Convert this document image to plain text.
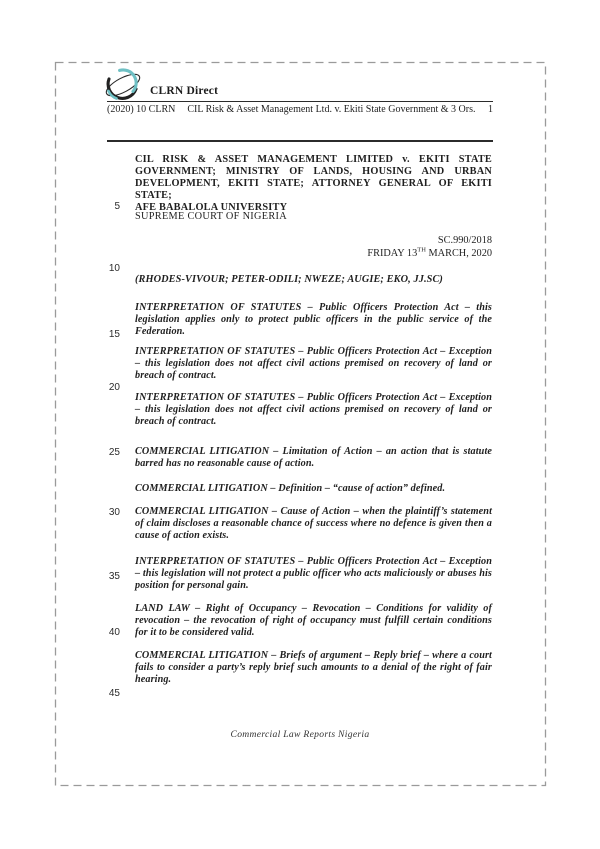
CLRN Direct
(2020) 10 CLRN CIL Risk & Asset Management Ltd. v. Ekiti State Government & 3 Ors. 1
CIL RISK & ASSET MANAGEMENT LIMITED v. EKITI STATE
GOVERNMENT; MINISTRY OF LANDS, HOUSING AND URBAN
DEVELOPMENT, EKITI STATE; ATTORNEY GENERAL OF EKITI STATE;
AFE BABALOLA UNIVERSITY
SUPREME COURT OF NIGERIA
SC.990/2018
FRIDAY 13TH MARCH, 2020
(RHODES-VIVOUR; PETER-ODILI; NWEZE; AUGIE; EKO, JJ.SC)
5
10
15
20
25
30
35
40
45

INTERPRETATION OF STATUTES – Public Officers Protection Act – this legislation applies only to protect public officers in the public service of the Federation.

INTERPRETATION OF STATUTES – Public Officers Protection Act – Exception – this legislation does not affect civil actions premised on recovery of land or breach of contract.

INTERPRETATION OF STATUTES – Public Officers Protection Act – Exception – this legislation does not affect civil actions premised on recovery of land or breach of contract.

COMMERCIAL LITIGATION – Limitation of Action – an action that is statute barred has no reasonable cause of action.

COMMERCIAL LITIGATION – Definition – “cause of action” defined.

COMMERCIAL LITIGATION – Cause of Action – when the plaintiff’s statement of claim discloses a reasonable chance of success where no defence is given then a cause of action exists.

INTERPRETATION OF STATUTES – Public Officers Protection Act – Exception – this legislation will not protect a public officer who acts maliciously or abuses his position for personal gain.

LAND LAW – Right of Occupancy – Revocation – Conditions for validity of revocation – the revocation of right of occupancy must fulfill certain conditions for it to be considered valid.

COMMERCIAL LITIGATION – Briefs of argument – Reply brief – where a court fails to consider a party’s reply brief such amounts to a denial of the right of fair hearing.

Commercial Law Reports Nigeria
